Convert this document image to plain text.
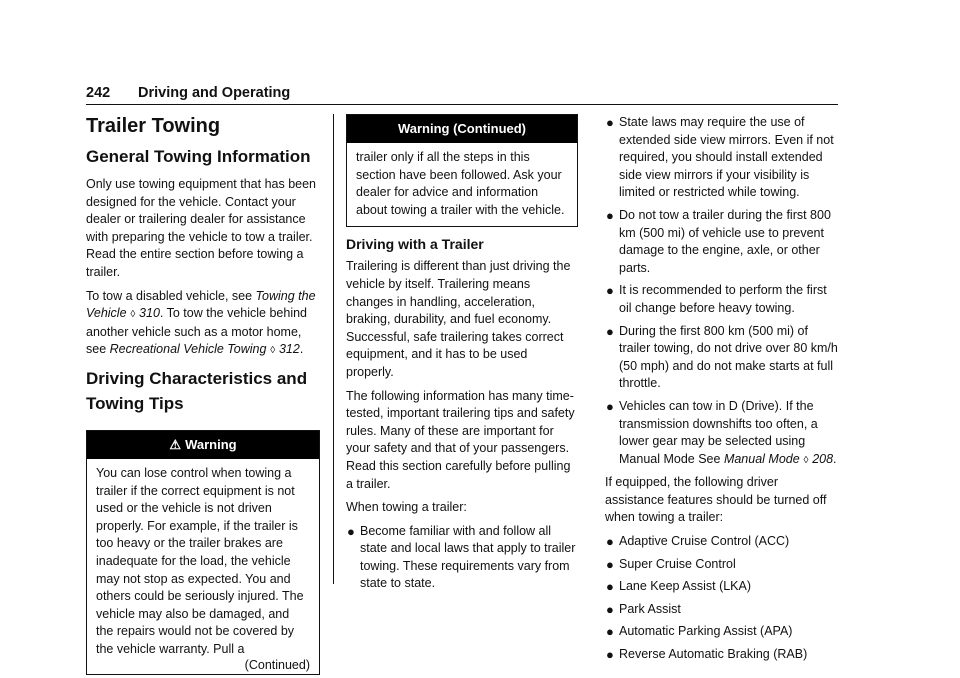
242 Driving and Operating
Trailer Towing
General Towing Information

Only use towing equipment that has been designed for the vehicle. Contact your dealer or trailering dealer for assistance with preparing the vehicle to tow a trailer. Read the entire section before towing a trailer.

To tow a disabled vehicle, see Towing the Vehicle ◊ 310. To tow the vehicle behind another vehicle such as a motor home, see Recreational Vehicle Towing ◊ 312.

Driving Characteristics and Towing Tips
⚠ Warning
You can lose control when towing a trailer if the correct equipment is not used or the vehicle is not driven properly. For example, if the trailer is too heavy or the trailer brakes are inadequate for the load, the vehicle may not stop as expected. You and others could be seriously injured. The vehicle may also be damaged, and the repairs would not be covered by the vehicle warranty. Pull a
(Continued)
Warning (Continued)
trailer only if all the steps in this section have been followed. Ask your dealer for advice and information about towing a trailer with the vehicle.
Driving with a Trailer

Trailering is different than just driving the vehicle by itself. Trailering means changes in handling, acceleration, braking, durability, and fuel economy. Successful, safe trailering takes correct equipment, and it has to be used properly.

The following information has many time-tested, important trailering tips and safety rules. Many of these are important for your safety and that of your passengers. Read this section carefully before pulling a trailer.

When towing a trailer:

● Become familiar with and follow all state and local laws that apply to trailer towing. These requirements vary from state to state.
● State laws may require the use of extended side view mirrors. Even if not required, you should install extended side view mirrors if your visibility is limited or restricted while towing.
● Do not tow a trailer during the first 800 km (500 mi) of vehicle use to prevent damage to the engine, axle, or other parts.
● It is recommended to perform the first oil change before heavy towing.
● During the first 800 km (500 mi) of trailer towing, do not drive over 80 km/h (50 mph) and do not make starts at full throttle.
● Vehicles can tow in D (Drive). If the transmission downshifts too often, a lower gear may be selected using Manual Mode See Manual Mode ◊ 208.

If equipped, the following driver assistance features should be turned off when towing a trailer:

● Adaptive Cruise Control (ACC)
● Super Cruise Control
● Lane Keep Assist (LKA)
● Park Assist
● Automatic Parking Assist (APA)
● Reverse Automatic Braking (RAB)
